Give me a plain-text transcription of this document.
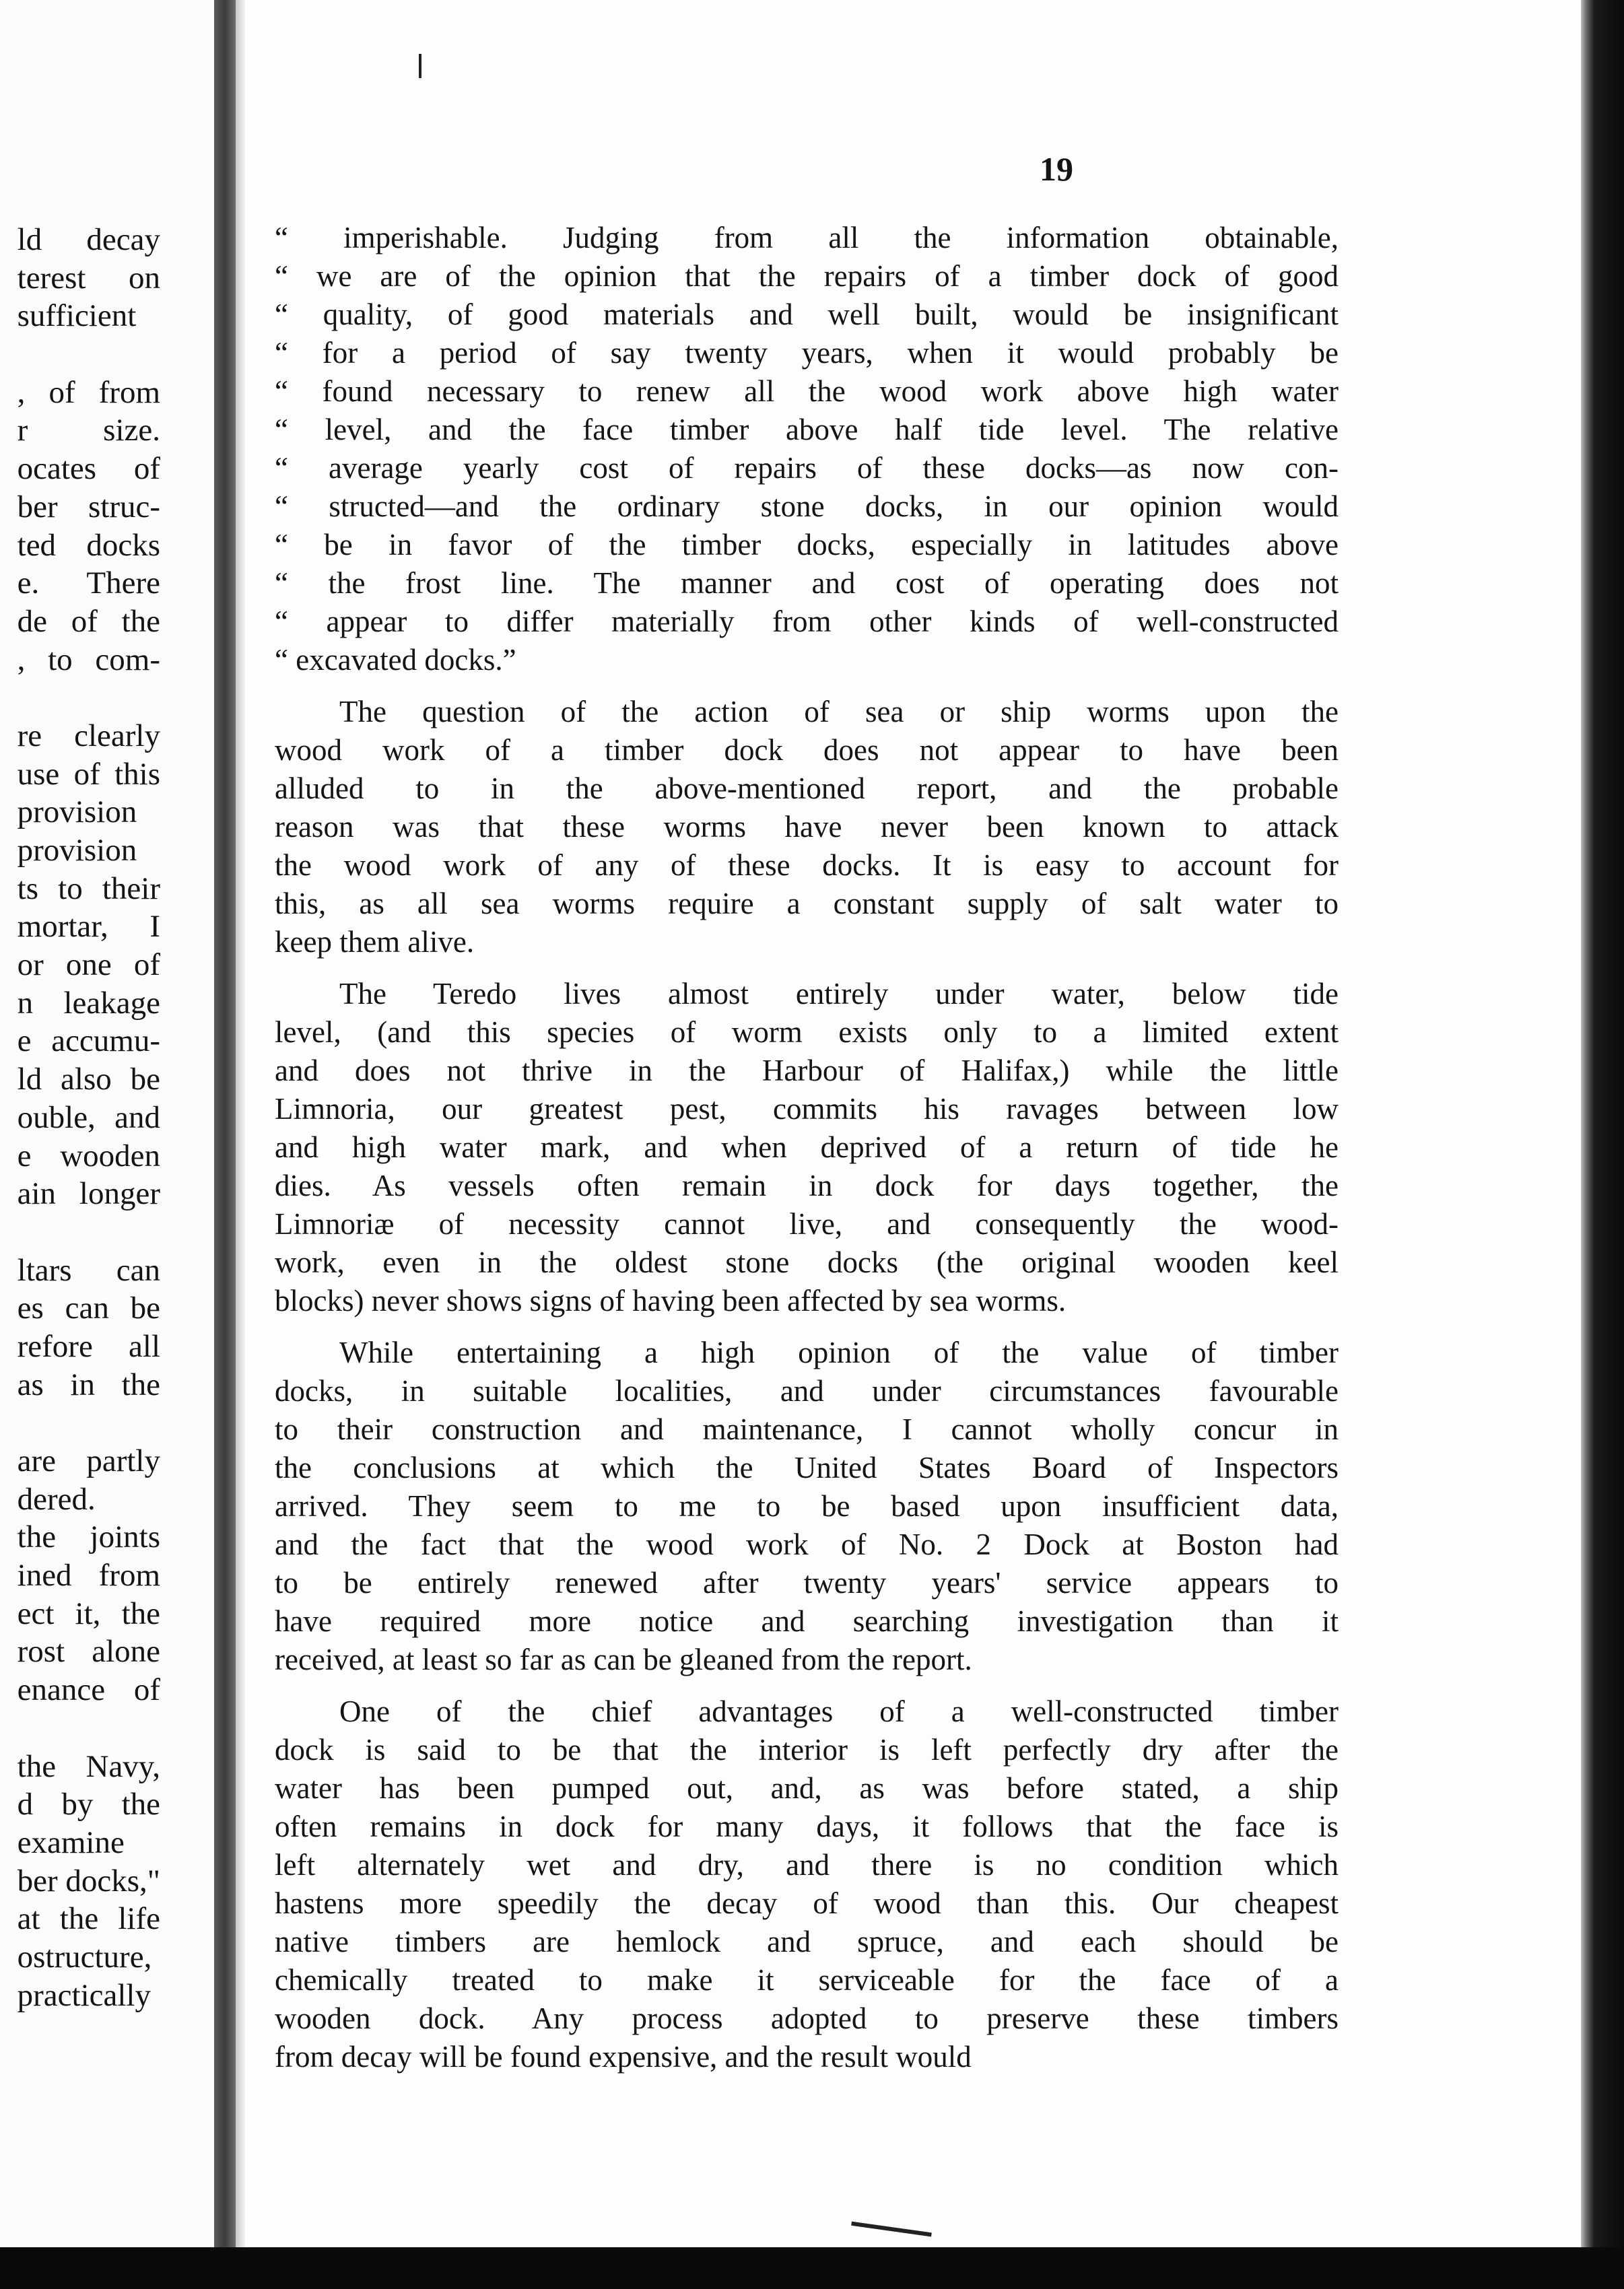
ld decay
terest on
sufficient
, of from
r size.
ocates of
ber struc-
ted docks
e. There
de of the
, to com-
re clearly
use of this
provision
provision
ts to their
mortar, I
or one of
n leakage
e accumu-
ld also be
ouble, and
e wooden
ain longer
ltars can
es can be
refore all
as in the
are partly
dered.
the joints
ined from
ect it, the
rost alone
enance of
the Navy,
d by the
examine
ber docks,"
at the life
ostructure,
practically
19
“ imperishable. Judging from all the information obtainable,
“ we are of the opinion that the repairs of a timber dock of good
“ quality, of good materials and well built, would be insignificant
“ for a period of say twenty years, when it would probably be
“ found necessary to renew all the wood work above high water
“ level, and the face timber above half tide level. The relative
“ average yearly cost of repairs of these docks—as now con-
“ structed—and the ordinary stone docks, in our opinion would
“ be in favor of the timber docks, especially in latitudes above
“ the frost line. The manner and cost of operating does not
“ appear to differ materially from other kinds of well-constructed
“ excavated docks.”
The question of the action of sea or ship worms upon the
wood work of a timber dock does not appear to have been
alluded to in the above-mentioned report, and the probable
reason was that these worms have never been known to attack
the wood work of any of these docks. It is easy to account for
this, as all sea worms require a constant supply of salt water to
keep them alive.
The Teredo lives almost entirely under water, below tide
level, (and this species of worm exists only to a limited extent
and does not thrive in the Harbour of Halifax,) while the little
Limnoria, our greatest pest, commits his ravages between low
and high water mark, and when deprived of a return of tide he
dies. As vessels often remain in dock for days together, the
Limnoriæ of necessity cannot live, and consequently the wood-
work, even in the oldest stone docks (the original wooden keel
blocks) never shows signs of having been affected by sea worms.
While entertaining a high opinion of the value of timber
docks, in suitable localities, and under circumstances favourable
to their construction and maintenance, I cannot wholly concur in
the conclusions at which the United States Board of Inspectors
arrived. They seem to me to be based upon insufficient data,
and the fact that the wood work of No. 2 Dock at Boston had
to be entirely renewed after twenty years' service appears to
have required more notice and searching investigation than it
received, at least so far as can be gleaned from the report.
One of the chief advantages of a well-constructed timber
dock is said to be that the interior is left perfectly dry after the
water has been pumped out, and, as was before stated, a ship
often remains in dock for many days, it follows that the face is
left alternately wet and dry, and there is no condition which
hastens more speedily the decay of wood than this. Our cheapest
native timbers are hemlock and spruce, and each should be
chemically treated to make it serviceable for the face of a
wooden dock. Any process adopted to preserve these timbers
from decay will be found expensive, and the result would
